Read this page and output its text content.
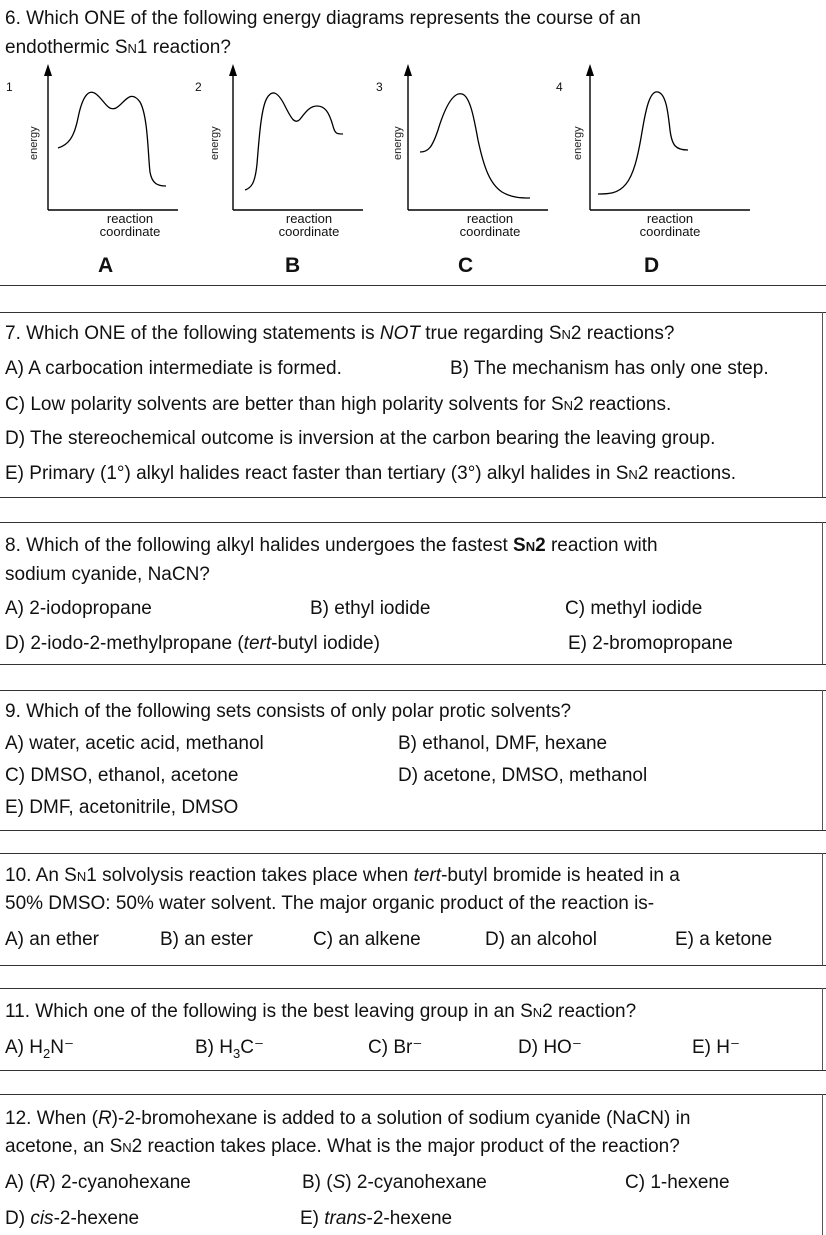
6. Which ONE of the following energy diagrams represents the course of an
endothermic SN1 reaction?
1
energy
reaction
coordinate
A
2
energy
reaction
coordinate
B
3
energy
reaction
coordinate
C
4
energy
reaction
coordinate
D
7. Which ONE of the following statements is NOT true regarding SN2 reactions?
A) A carbocation intermediate is formed.	B) The mechanism has only one step.
C) Low polarity solvents are better than high polarity solvents for SN2 reactions.
D) The stereochemical outcome is inversion at the carbon bearing the leaving group.
E) Primary (1°) alkyl halides react faster than tertiary (3°) alkyl halides in SN2 reactions.
8. Which of the following alkyl halides undergoes the fastest SN2 reaction with
sodium cyanide, NaCN?
A) 2-iodopropane	B) ethyl iodide	C) methyl iodide
D) 2-iodo-2-methylpropane (tert-butyl iodide)	E) 2-bromopropane
9. Which of the following sets consists of only polar protic solvents?
A) water, acetic acid, methanol	B) ethanol, DMF, hexane
C) DMSO, ethanol, acetone	D) acetone, DMSO, methanol
E) DMF, acetonitrile, DMSO
10. An SN1 solvolysis reaction takes place when tert-butyl bromide is heated in a
50% DMSO: 50% water solvent. The major organic product of the reaction is-
A) an ether	B) an ester	C) an alkene	D) an alcohol	E) a ketone
11. Which one of the following is the best leaving group in an SN2 reaction?
A) $H_2N^-$	B) $H_3C^-$	C) Br⁻	D) HO⁻	E) H⁻
12. When (R)-2-bromohexane is added to a solution of sodium cyanide (NaCN) in
acetone, an SN2 reaction takes place. What is the major product of the reaction?
A) (R) 2-cyanohexane	B) (S) 2-cyanohexane	C) 1-hexene
D) cis-2-hexene	E) trans-2-hexene
